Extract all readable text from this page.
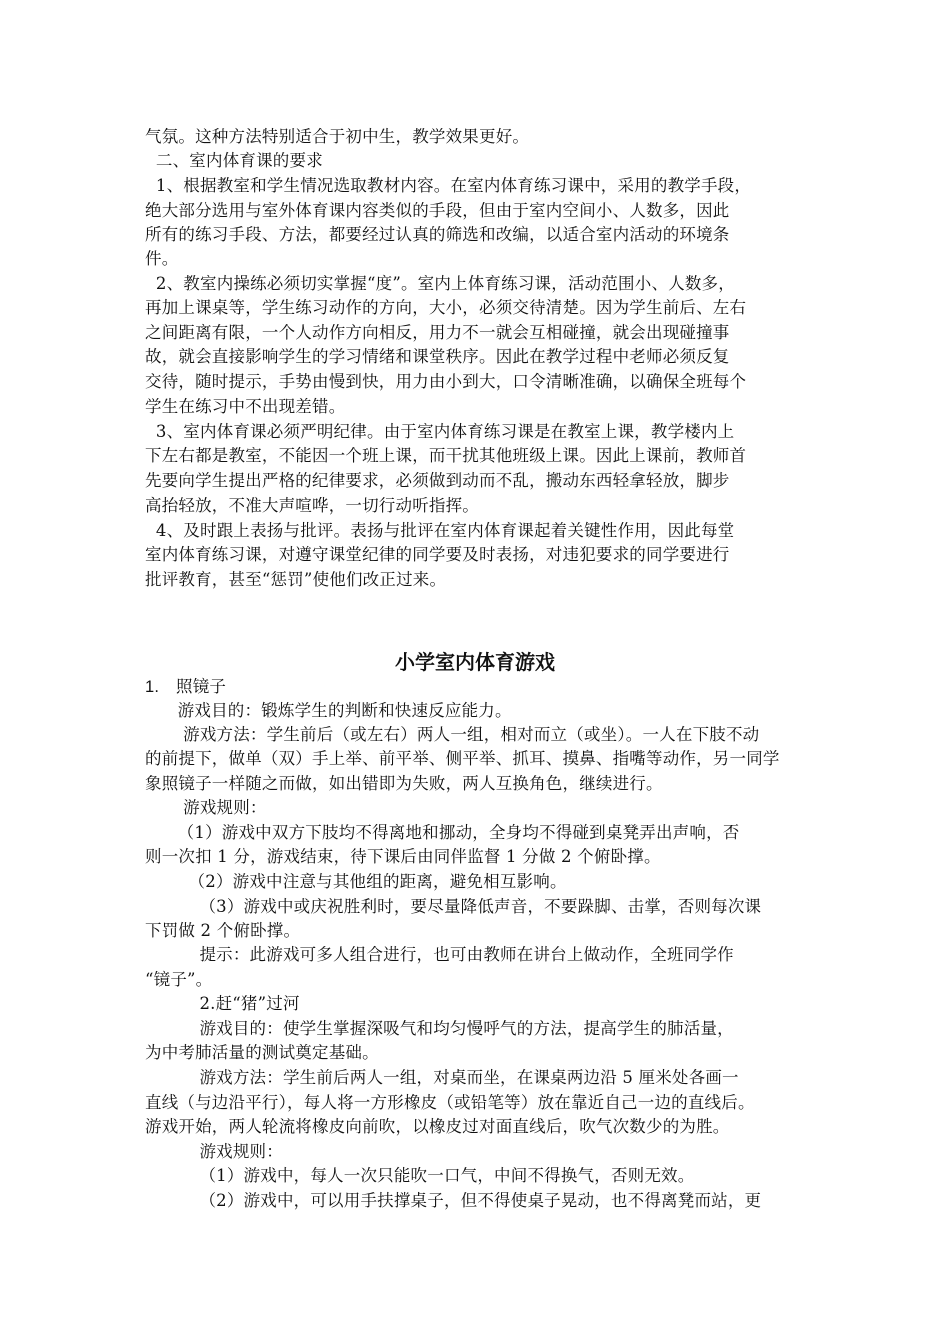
气氛。这种方法特别适合于初中生，教学效果更好。
二、室内体育课的要求
1、根据教室和学生情况选取教材内容。在室内体育练习课中，采用的教学手段，
绝大部分选用与室外体育课内容类似的手段，但由于室内空间小、人数多，因此
所有的练习手段、方法，都要经过认真的筛选和改编，以适合室内活动的环境条
件。
2、教室内操练必须切实掌握“度”。室内上体育练习课，活动范围小、人数多，
再加上课桌等，学生练习动作的方向，大小，必须交待清楚。因为学生前后、左右
之间距离有限，一个人动作方向相反，用力不一就会互相碰撞，就会出现碰撞事
故，就会直接影响学生的学习情绪和课堂秩序。因此在教学过程中老师必须反复
交待，随时提示，手势由慢到快，用力由小到大，口令清晰准确，以确保全班每个
学生在练习中不出现差错。
3、室内体育课必须严明纪律。由于室内体育练习课是在教室上课，教学楼内上
下左右都是教室，不能因一个班上课，而干扰其他班级上课。因此上课前，教师首
先要向学生提出严格的纪律要求，必须做到动而不乱，搬动东西轻拿轻放，脚步
高抬轻放，不准大声喧哗，一切行动听指挥。
4、及时跟上表扬与批评。表扬与批评在室内体育课起着关键性作用，因此每堂
室内体育练习课，对遵守课堂纪律的同学要及时表扬，对违犯要求的同学要进行
批评教育，甚至“惩罚”使他们改正过来。
小学室内体育游戏
1. 照镜子
游戏目的：锻炼学生的判断和快速反应能力。
游戏方法：学生前后（或左右）两人一组，相对而立（或坐）。一人在下肢不动
的前提下，做单（双）手上举、前平举、侧平举、抓耳、摸鼻、指嘴等动作，另一同学
象照镜子一样随之而做，如出错即为失败，两人互换角色，继续进行。
游戏规则：
（1）游戏中双方下肢均不得离地和挪动，全身均不得碰到桌凳弄出声响，否
则一次扣 1 分，游戏结束，待下课后由同伴监督 1 分做 2 个俯卧撑。
（2）游戏中注意与其他组的距离，避免相互影响。
（3）游戏中或庆祝胜利时，要尽量降低声音，不要跺脚、击掌，否则每次课
下罚做 2 个俯卧撑。
提示：此游戏可多人组合进行，也可由教师在讲台上做动作，全班同学作
“镜子”。
2.赶“猪”过河
游戏目的：使学生掌握深吸气和均匀慢呼气的方法，提高学生的肺活量，
为中考肺活量的测试奠定基础。
游戏方法：学生前后两人一组，对桌而坐，在课桌两边沿 5 厘米处各画一
直线（与边沿平行），每人将一方形橡皮（或铅笔等）放在靠近自己一边的直线后。
游戏开始，两人轮流将橡皮向前吹，以橡皮过对面直线后，吹气次数少的为胜。
游戏规则：
（1）游戏中，每人一次只能吹一口气，中间不得换气，否则无效。
（2）游戏中，可以用手扶撑桌子，但不得使桌子晃动，也不得离凳而站，更
